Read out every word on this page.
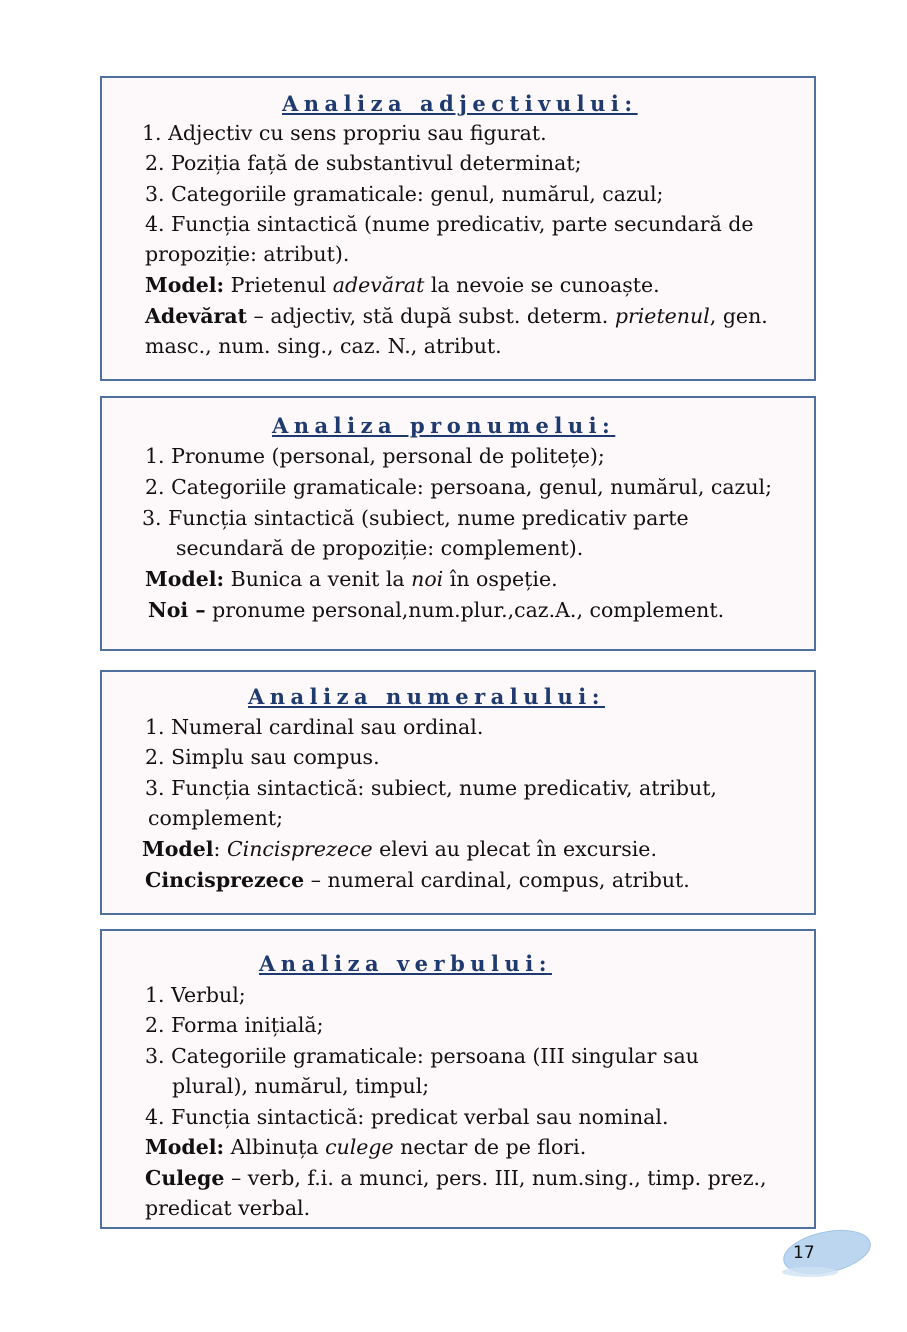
Analiza adjectivului:
1. Adjectiv cu sens propriu sau figurat.
2. Poziția față de substantivul determinat;
3. Categoriile gramaticale: genul, numărul, cazul;
4. Funcția sintactică (nume predicativ, parte secundară de
propoziție: atribut).
Model: Prietenul adevărat la nevoie se cunoaște.
Adevărat – adjectiv, stă după subst. determ. prietenul, gen.
masc., num. sing., caz. N., atribut.
Analiza pronumelui:
1. Pronume (personal, personal de politețe);
2. Categoriile gramaticale: persoana, genul, numărul, cazul;
3. Funcția sintactică (subiect, nume predicativ parte
secundară de propoziție: complement).
Model: Bunica a venit la noi în ospeție.
Noi – pronume personal,num.plur.,caz.A., complement.
Analiza numeralului:
1. Numeral cardinal sau ordinal.
2. Simplu sau compus.
3. Funcția sintactică: subiect, nume predicativ, atribut,
complement;
Model: Cincisprezece elevi au plecat în excursie.
Cincisprezece – numeral cardinal, compus, atribut.
Analiza verbului:
1. Verbul;
2. Forma inițială;
3. Categoriile gramaticale: persoana (III singular sau
plural), numărul, timpul;
4. Funcția sintactică: predicat verbal sau nominal.
Model: Albinuța culege nectar de pe flori.
Culege – verb, f.i. a munci, pers. III, num.sing., timp. prez.,
predicat verbal.
17
